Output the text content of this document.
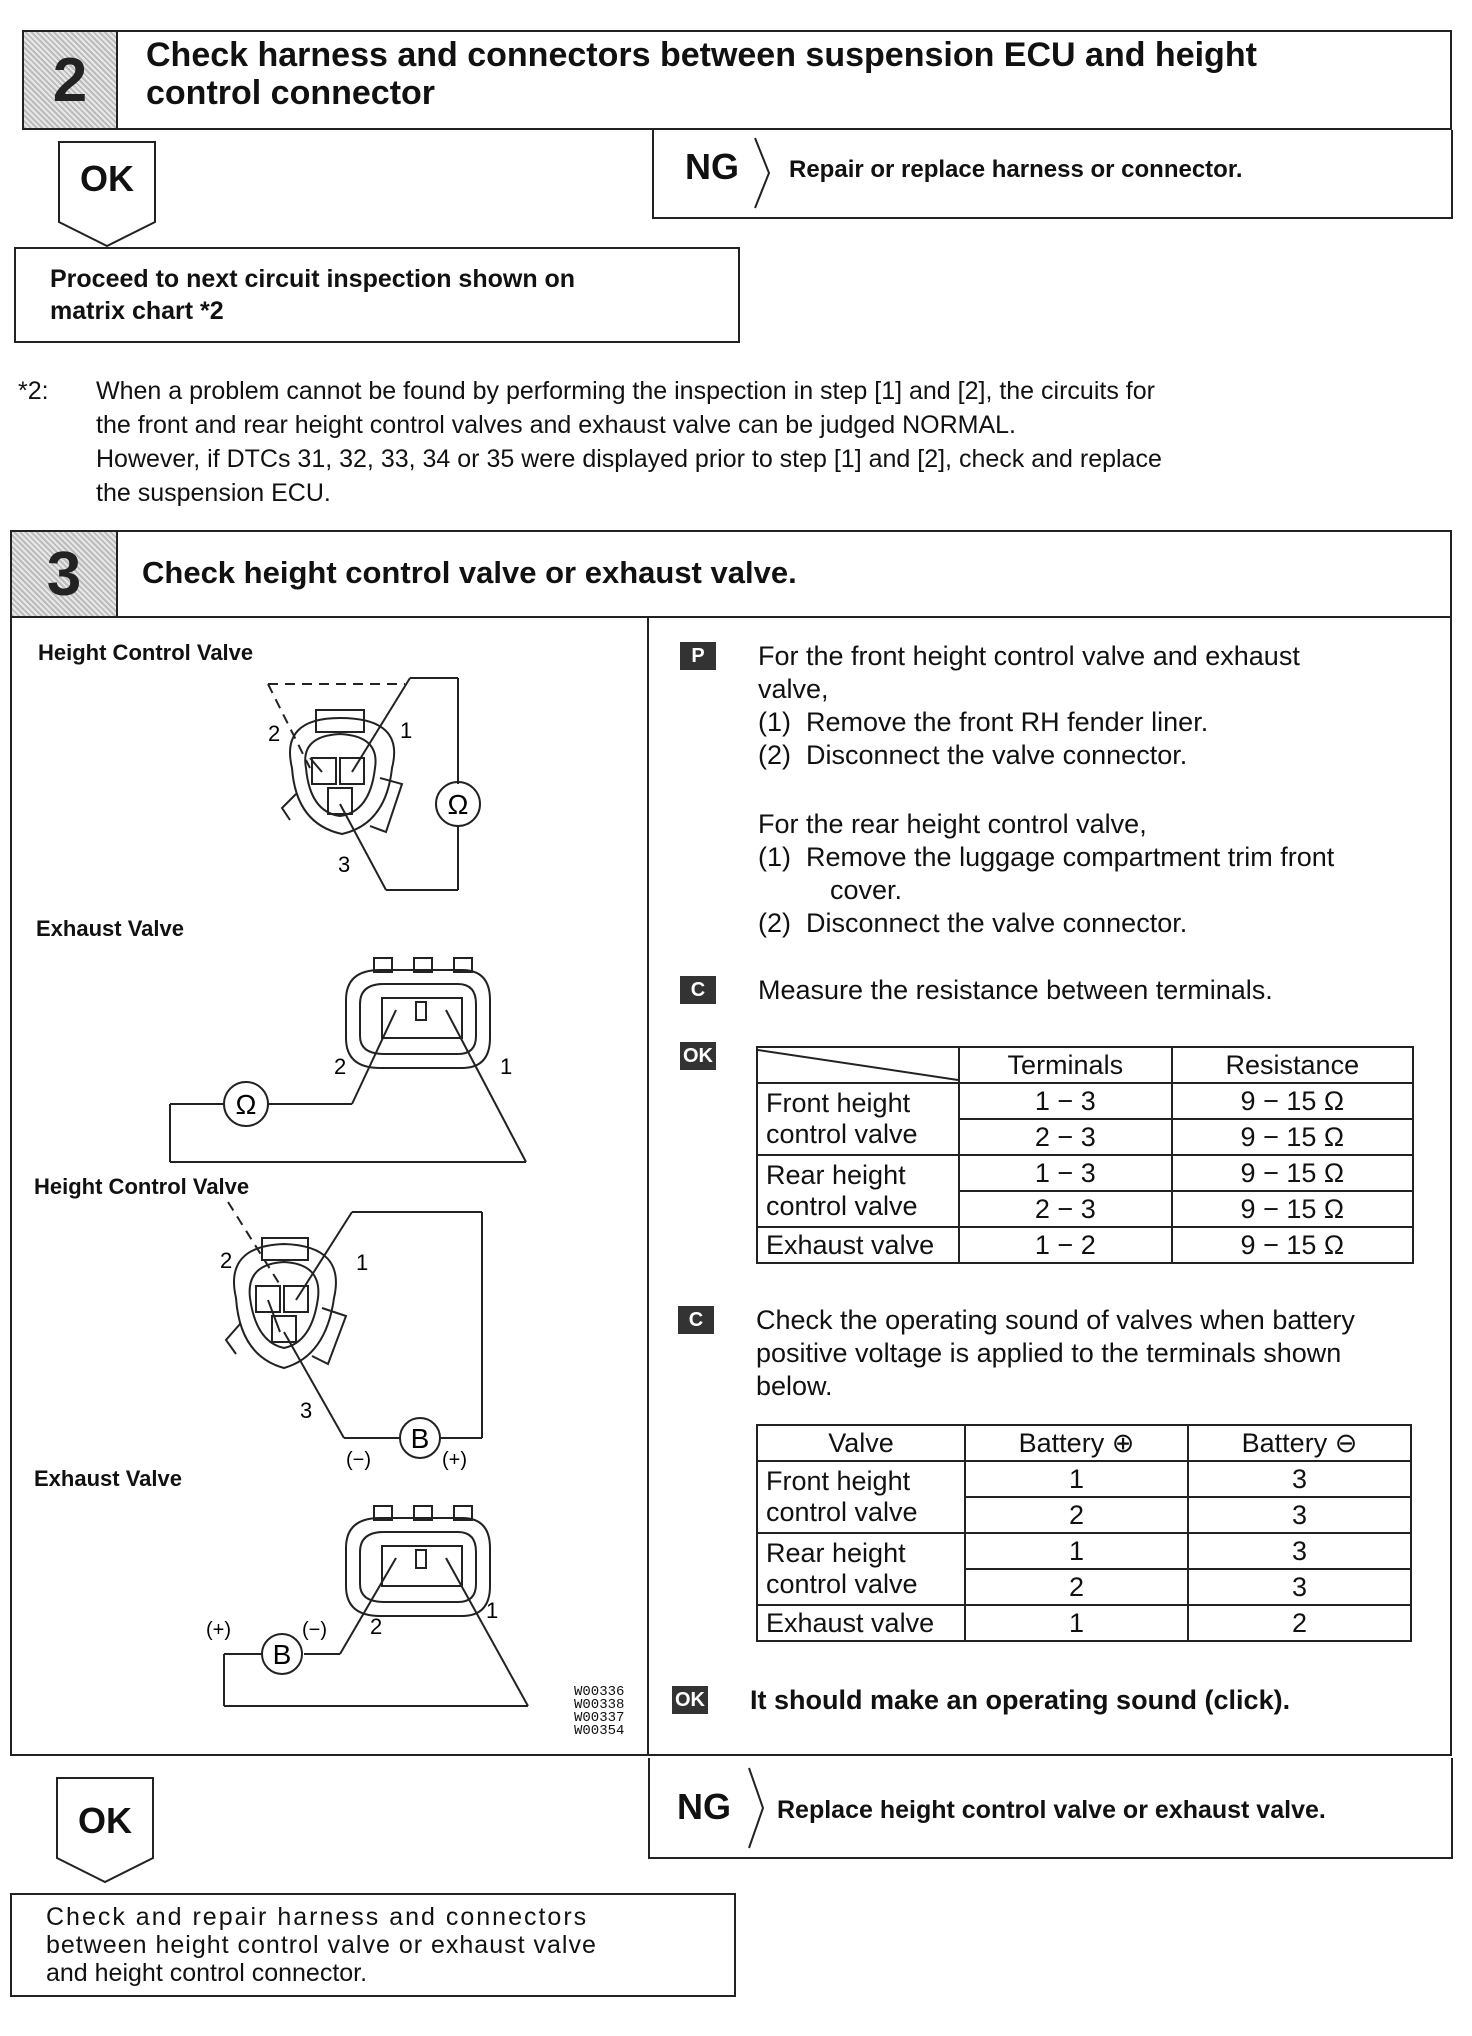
2	Check harness and connectors between suspension ECU and height
control connector
OK	NG Repair or replace harness or connector.
Proceed to next circuit inspection shown on
matrix chart *2
*2: When a problem cannot be found by performing the inspection in step [1] and [2], the circuits for
the front and rear height control valves and exhaust valve can be judged NORMAL.
However, if DTCs 31, 32, 33, 34 or 35 were displayed prior to step [1] and [2], check and replace
the suspension ECU.
3	Check height control valve or exhaust valve.
Height Control Valve
Exhaust Valve
Height Control Valve
Exhaust Valve
Ω
2	1
3
Ω
2	1
B
(−)	(+)
2	1
3
B
(+)	(−) 2
1
W00336
W00338
W00337
W00354
P	For the front height control valve and exhaust
valve,
(1)  Remove the front RH fender liner.
(2)  Disconnect the valve connector.
For the rear height control valve,
(1)  Remove the luggage compartment trim front
cover.
(2)  Disconnect the valve connector.
C	Measure the resistance between terminals.
OK
		Terminals	Resistance
Front height
control valve	1 − 3	9 − 15 Ω
	2 − 3	9 − 15 Ω
Rear height
control valve	1 − 3	9 − 15 Ω
	2 − 3	9 − 15 Ω
Exhaust valve	1 − 2	9 − 15 Ω
C	Check the operating sound of valves when battery
positive voltage is applied to the terminals shown
below.
Valve	Battery ⊕	Battery ⊖
Front height
control valve	1	3
	2	3
Rear height
control valve	1	3
	2	3
Exhaust valve	1	2
OK It should make an operating sound (click).
OK	NG Replace height control valve or exhaust valve.
Check and repair harness and connectors
between height control valve or exhaust valve
and height control connector.
